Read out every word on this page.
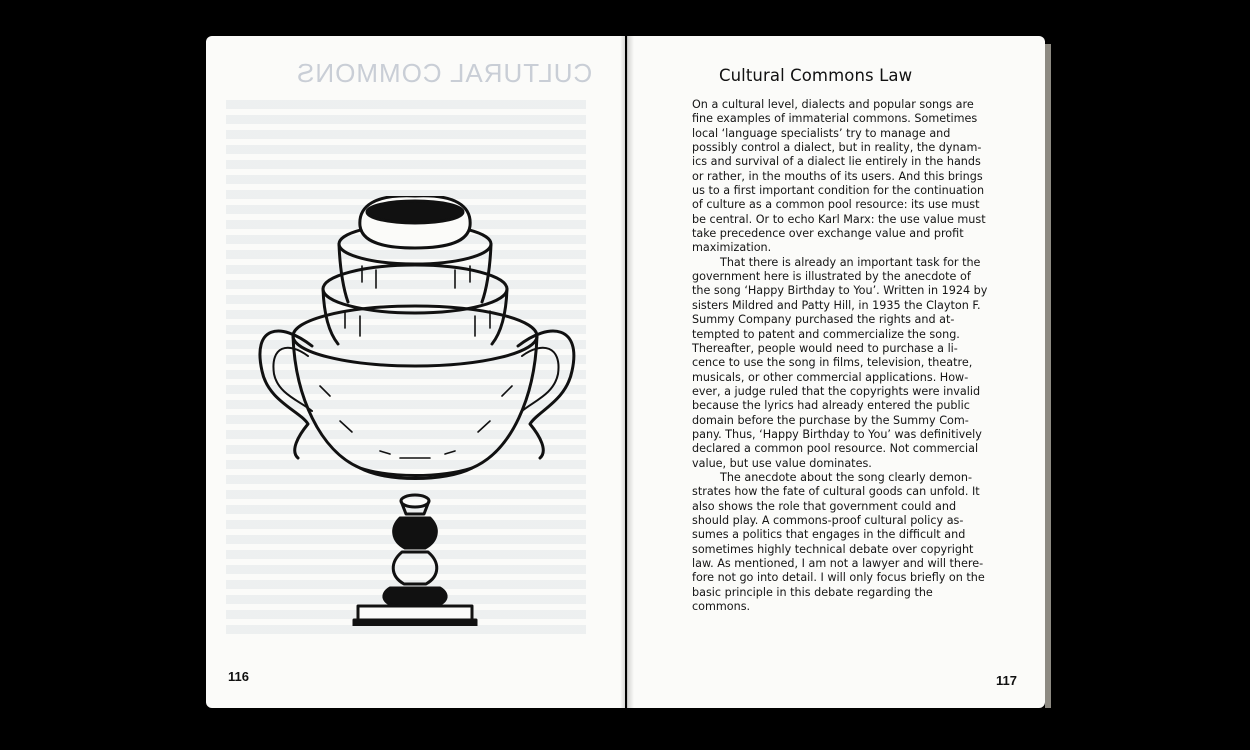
CULTURAL COMMONS
116
Cultural Commons Law
On a cultural level, dialects and popular songs are
fine examples of immaterial commons. Sometimes
local ‘language specialists’ try to manage and
possibly control a dialect, but in reality, the dynam-
ics and survival of a dialect lie entirely in the hands
or rather, in the mouths of its users. And this brings
us to a first important condition for the continuation
of culture as a common pool resource: its use must
be central. Or to echo Karl Marx: the use value must
take precedence over exchange value and profit
maximization.
That there is already an important task for the
government here is illustrated by the anecdote of
the song ‘Happy Birthday to You’. Written in 1924 by
sisters Mildred and Patty Hill, in 1935 the Clayton F.
Summy Company purchased the rights and at-
tempted to patent and commercialize the song.
Thereafter, people would need to purchase a li-
cence to use the song in films, television, theatre,
musicals, or other commercial applications. How-
ever, a judge ruled that the copyrights were invalid
because the lyrics had already entered the public
domain before the purchase by the Summy Com-
pany. Thus, ‘Happy Birthday to You’ was definitively
declared a common pool resource. Not commercial
value, but use value dominates.
The anecdote about the song clearly demon-
strates how the fate of cultural goods can unfold. It
also shows the role that government could and
should play. A commons-proof cultural policy as-
sumes a politics that engages in the difficult and
sometimes highly technical debate over copyright
law. As mentioned, I am not a lawyer and will there-
fore not go into detail. I will only focus briefly on the
basic principle in this debate regarding the
commons.
117
